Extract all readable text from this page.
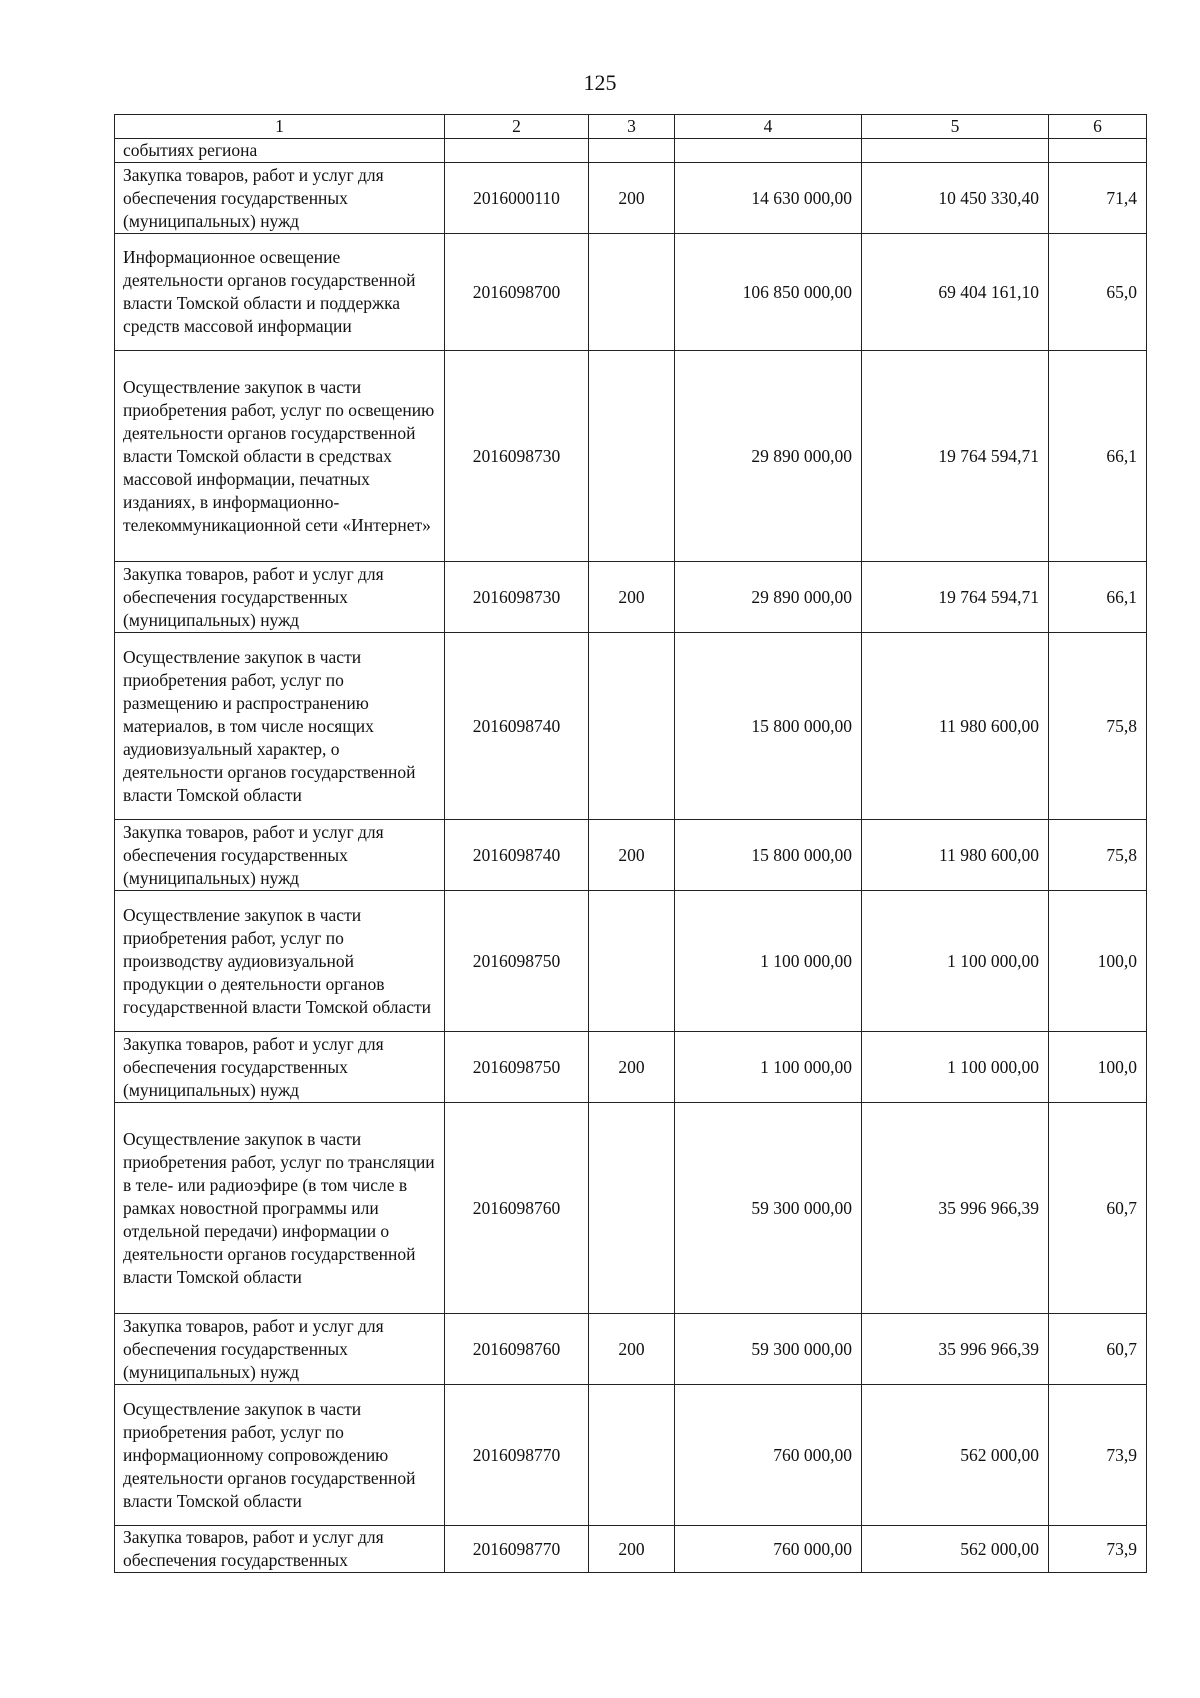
125
1	2	3	4	5	6
событиях региона					
Закупка товаров, работ и услуг для обеспечения государственных (муниципальных) нужд	2016000110	200	14 630 000,00	10 450 330,40	71,4
Информационное освещение деятельности органов государственной власти Томской области и поддержка средств массовой информации	2016098700		106 850 000,00	69 404 161,10	65,0
Осуществление закупок в части приобретения работ, услуг по освещению деятельности органов государственной власти Томской области в средствах массовой информации, печатных изданиях, в информационно-телекоммуникационной сети «Интернет»	2016098730		29 890 000,00	19 764 594,71	66,1
Закупка товаров, работ и услуг для обеспечения государственных (муниципальных) нужд	2016098730	200	29 890 000,00	19 764 594,71	66,1
Осуществление закупок в части приобретения работ, услуг по размещению и распространению материалов, в том числе носящих аудиовизуальный характер, о деятельности органов государственной власти Томской области	2016098740		15 800 000,00	11 980 600,00	75,8
Закупка товаров, работ и услуг для обеспечения государственных (муниципальных) нужд	2016098740	200	15 800 000,00	11 980 600,00	75,8
Осуществление закупок в части приобретения работ, услуг по производству аудиовизуальной продукции о деятельности органов государственной власти Томской области	2016098750		1 100 000,00	1 100 000,00	100,0
Закупка товаров, работ и услуг для обеспечения государственных (муниципальных) нужд	2016098750	200	1 100 000,00	1 100 000,00	100,0
Осуществление закупок в части приобретения работ, услуг по трансляции в теле- или радиоэфире (в том числе в рамках новостной программы или отдельной передачи) информации о деятельности органов государственной власти Томской области	2016098760		59 300 000,00	35 996 966,39	60,7
Закупка товаров, работ и услуг для обеспечения государственных (муниципальных) нужд	2016098760	200	59 300 000,00	35 996 966,39	60,7
Осуществление закупок в части приобретения работ, услуг по информационному сопровождению деятельности органов государственной власти Томской области	2016098770		760 000,00	562 000,00	73,9
Закупка товаров, работ и услуг для обеспечения государственных	2016098770	200	760 000,00	562 000,00	73,9
